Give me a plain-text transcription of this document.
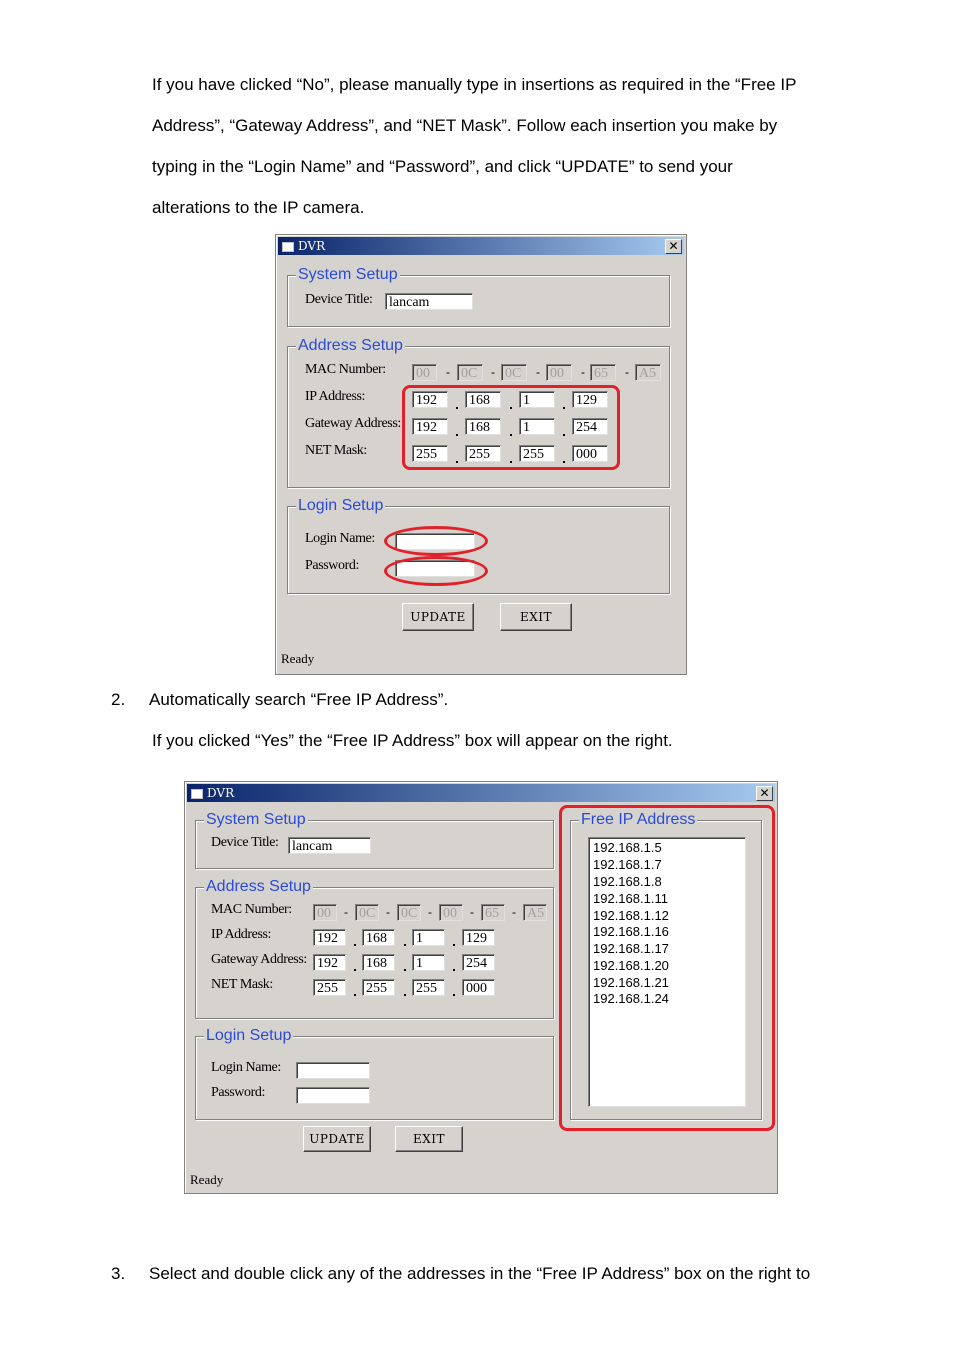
If you have clicked “No”, please manually type in insertions as required in the “Free IP

Address”, “Gateway Address”, and “NET Mask”. Follow each insertion you make by

typing in the “Login Name” and “Password”, and click “UPDATE” to send your

alterations to the IP camera.

DVR	✕
System Setup
Device Title: lancam
Address Setup
MAC Number: 00	- 0C	- 0C	- 00	- 65	- A5
IP Address:	192	168	1	129
Gateway Address: 192	168	1	254
NET Mask:	255	255	255	000
Login Setup
Login Name:
Password:
UPDATE	EXIT
Ready
2. Automatically search “Free IP Address”.

If you clicked “Yes” the “Free IP Address” box will appear on the right.

DVR	✕
System Setup
Device Title: lancam
Address Setup
MAC Number: 00	- 0C - 0C - 00	- 65	- A5
IP Address:	192	168	1	129
Gateway Address: 192	168	1	254
NET Mask:	255	255	255	000
Login Setup
Login Name:
Password:
Free IP Address
192.168.1.5
192.168.1.7
192.168.1.8
192.168.1.11
192.168.1.12
192.168.1.16
192.168.1.17
192.168.1.20
192.168.1.21
192.168.1.24
UPDATE	EXIT
Ready
3. Select and double click any of the addresses in the “Free IP Address” box on the right to
